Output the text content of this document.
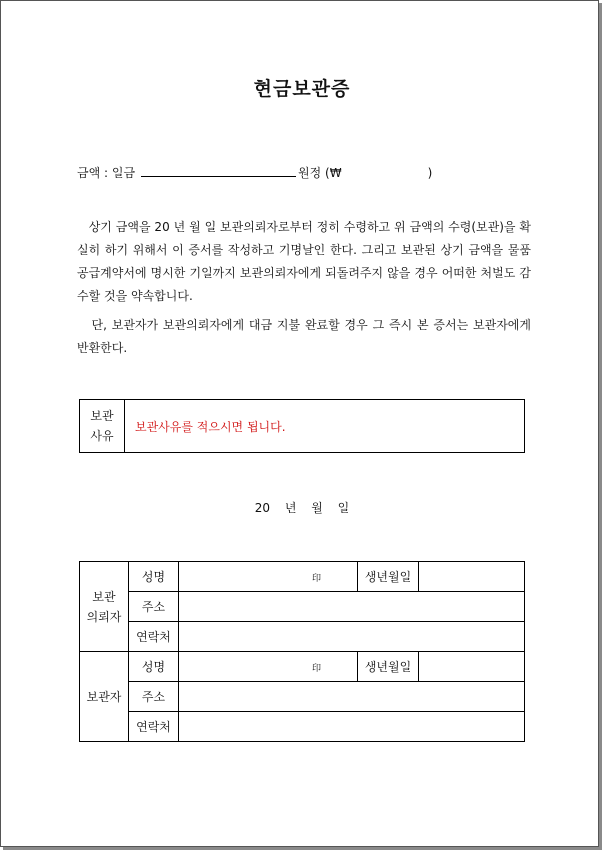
현금보관증
금액 : 일금	원정 (₩	)
상기 금액을 20 년 월 일 보관의뢰자로부터 정히 수령하고 위 금액의 수령(보관)을 확실히 하기 위해서 이 증서를 작성하고 기명날인 한다. 그리고 보관된 상기 금액을 물품공급계약서에 명시한 기일까지 보관의뢰자에게 되돌려주지 않을 경우 어떠한 처벌도 감수할 것을 약속합니다.
단, 보관자가 보관의뢰자에게 대금 지불 완료할 경우 그 즉시 본 증서는 보관자에게 반환한다.
보관
사유	보관사유를 적으시면 됩니다.
20 년 월 일
보관
의뢰자	성명	印	생년월일	
	주소			
	연락처			
보관자	성명	印	생년월일	
	주소			
	연락처			
